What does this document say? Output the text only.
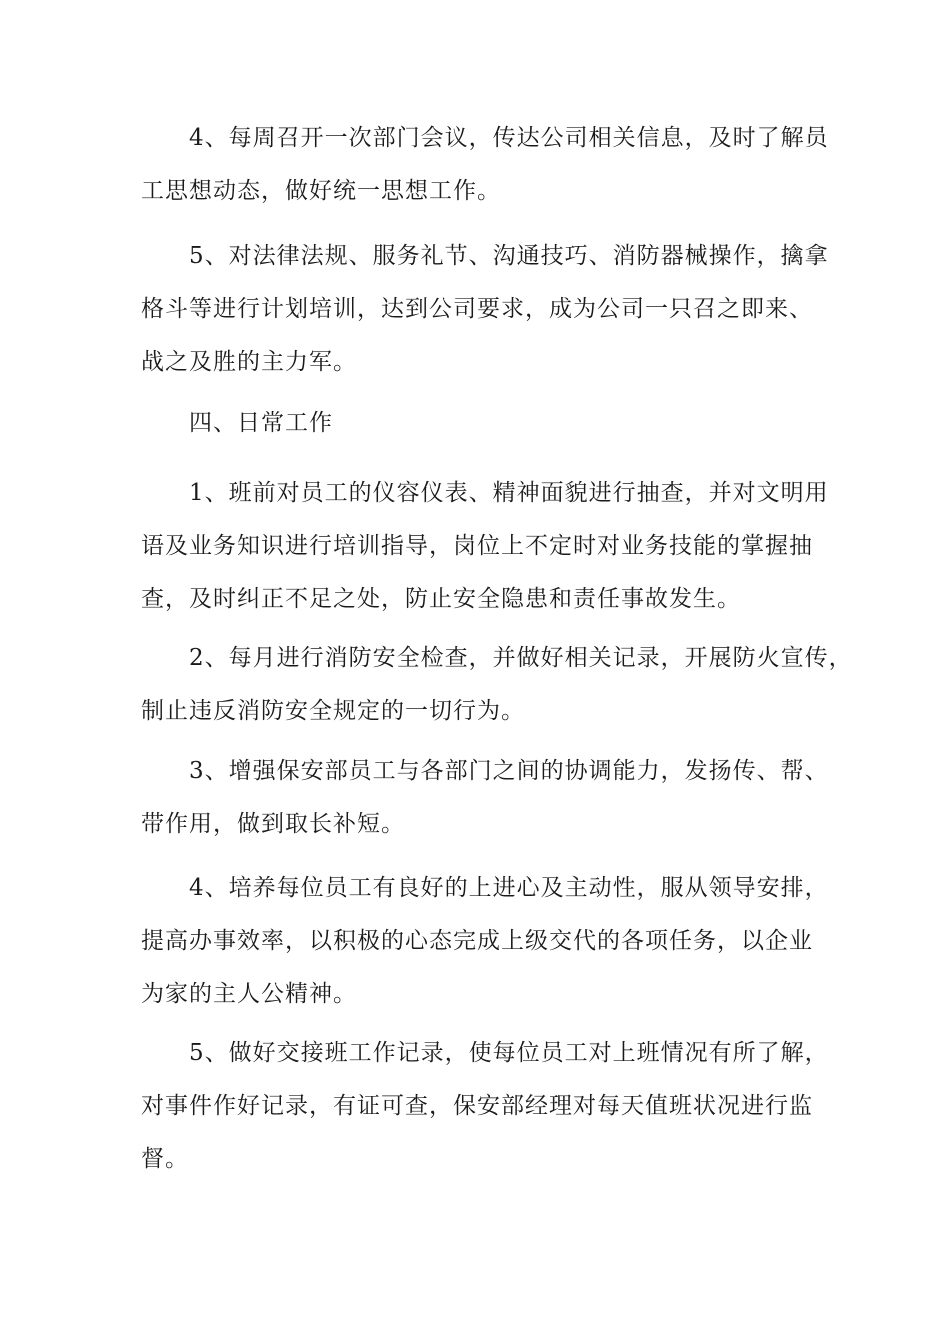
4、每周召开一次部门会议，传达公司相关信息，及时了解员
工思想动态，做好统一思想工作。

5、对法律法规、服务礼节、沟通技巧、消防器械操作，擒拿
格斗等进行计划培训，达到公司要求，成为公司一只召之即来、
战之及胜的主力军。

四、日常工作

1、班前对员工的仪容仪表、精神面貌进行抽查，并对文明用
语及业务知识进行培训指导，岗位上不定时对业务技能的掌握抽
查，及时纠正不足之处，防止安全隐患和责任事故发生。

2、每月进行消防安全检查，并做好相关记录，开展防火宣传，
制止违反消防安全规定的一切行为。

3、增强保安部员工与各部门之间的协调能力，发扬传、帮、
带作用，做到取长补短。

4、培养每位员工有良好的上进心及主动性，服从领导安排，
提高办事效率，以积极的心态完成上级交代的各项任务，以企业
为家的主人公精神。

5、做好交接班工作记录，使每位员工对上班情况有所了解，
对事件作好记录，有证可查，保安部经理对每天值班状况进行监
督。
